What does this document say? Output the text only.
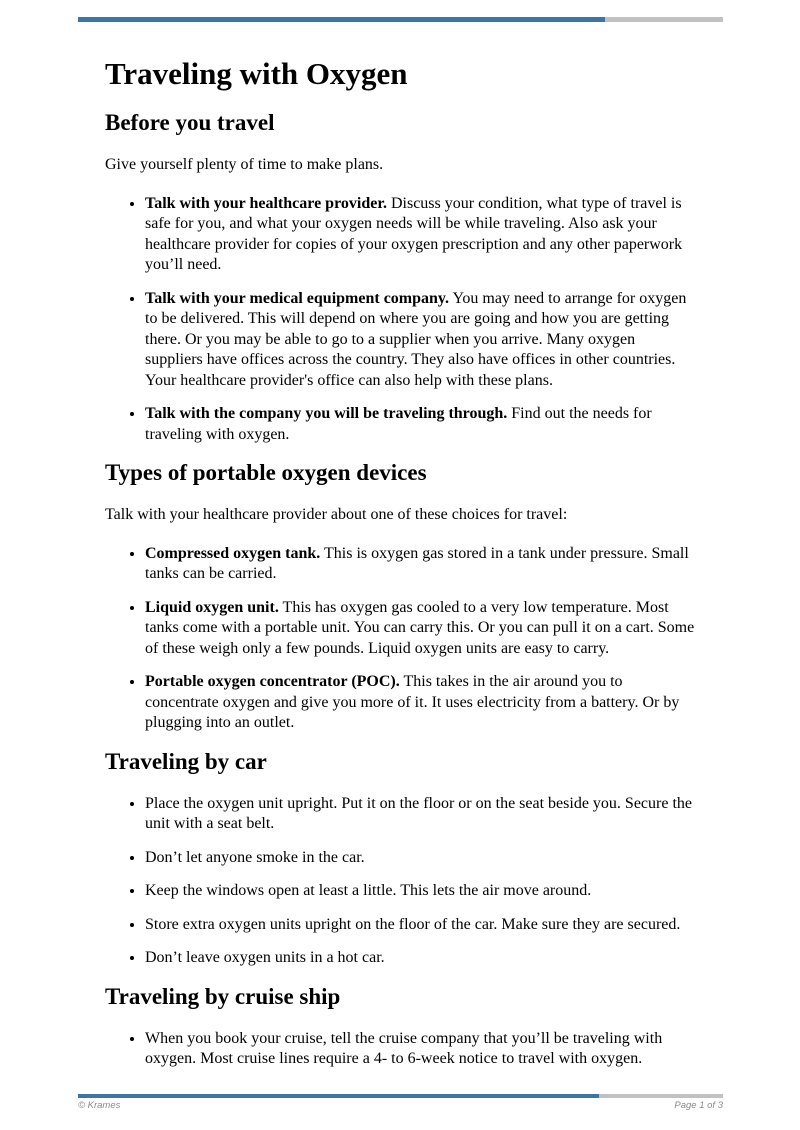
Traveling with Oxygen
Before you travel

Give yourself plenty of time to make plans.

• Talk with your healthcare provider. Discuss your condition, what type of travel is safe for you, and what your oxygen needs will be while traveling. Also ask your healthcare provider for copies of your oxygen prescription and any other paperwork you’ll need.
• Talk with your medical equipment company. You may need to arrange for oxygen to be delivered. This will depend on where you are going and how you are getting there. Or you may be able to go to a supplier when you arrive. Many oxygen suppliers have offices across the country. They also have offices in other countries. Your healthcare provider's office can also help with these plans.
• Talk with the company you will be traveling through. Find out the needs for traveling with oxygen.
Types of portable oxygen devices

Talk with your healthcare provider about one of these choices for travel:

• Compressed oxygen tank. This is oxygen gas stored in a tank under pressure. Small tanks can be carried.
• Liquid oxygen unit. This has oxygen gas cooled to a very low temperature. Most tanks come with a portable unit. You can carry this. Or you can pull it on a cart. Some of these weigh only a few pounds. Liquid oxygen units are easy to carry.
• Portable oxygen concentrator (POC). This takes in the air around you to concentrate oxygen and give you more of it. It uses electricity from a battery. Or by plugging into an outlet.
Traveling by car
• Place the oxygen unit upright. Put it on the floor or on the seat beside you. Secure the unit with a seat belt.
• Don’t let anyone smoke in the car.
• Keep the windows open at least a little. This lets the air move around.
• Store extra oxygen units upright on the floor of the car. Make sure they are secured.
• Don’t leave oxygen units in a hot car.
Traveling by cruise ship
• When you book your cruise, tell the cruise company that you’ll be traveling with oxygen. Most cruise lines require a 4- to 6-week notice to travel with oxygen.
© Krames	Page 1 of 3
